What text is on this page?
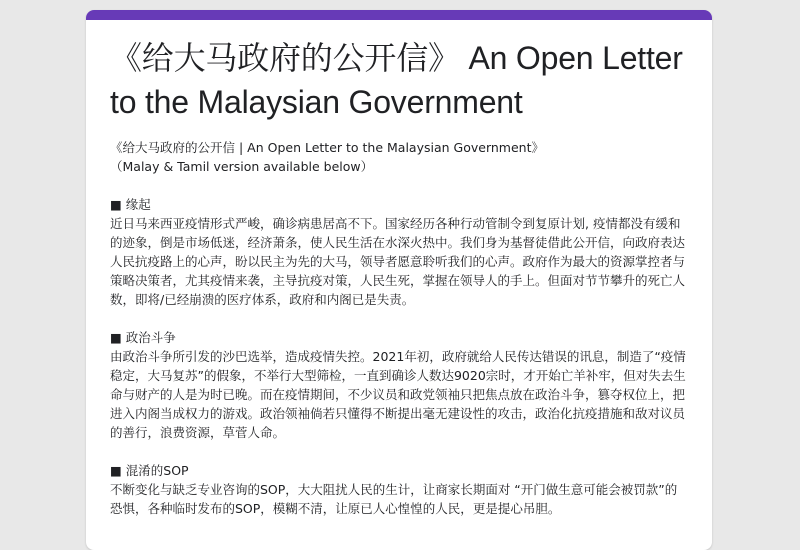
《给大马政府的公开信》 An Open Letter to the Malaysian Government

《给大马政府的公开信 | An Open Letter to the Malaysian Government》

（Malay & Tamil version available below）

■ 缘起

近日马来西亚疫情形式严峻，确诊病患居高不下。国家经历各种行动管制令到复原计划, 疫情都没有缓和的迹象，倒是市场低迷，经济萧条，使人民生活在水深火热中。我们身为基督徒借此公开信，向政府表达人民抗疫路上的心声，盼以民主为先的大马，领导者愿意聆听我们的心声。政府作为最大的资源掌控者与策略决策者，尤其疫情来袭，主导抗疫对策，人民生死，掌握在领导人的手上。但面对节节攀升的死亡人数，即将/已经崩溃的医疗体系，政府和内阁已是失责。

■ 政治斗争

由政治斗争所引发的沙巴选举，造成疫情失控。2021年初，政府就给人民传达错误的讯息，制造了“疫情稳定，大马复苏”的假象，不举行大型筛检，一直到确诊人数达9020宗时，才开始亡羊补牢，但对失去生命与财产的人是为时已晚。而在疫情期间，不少议员和政党领袖只把焦点放在政治斗争，篡夺权位上，把进入内阁当成权力的游戏。政治领袖倘若只懂得不断提出毫无建设性的攻击，政治化抗疫措施和敌对议员的善行，浪费资源，草菅人命。

■ 混淆的SOP

不断变化与缺乏专业咨询的SOP，大大阻扰人民的生计，让商家长期面对 “开门做生意可能会被罚款”的恐惧，各种临时发布的SOP，模糊不清，让原已人心惶惶的人民，更是提心吊胆。
